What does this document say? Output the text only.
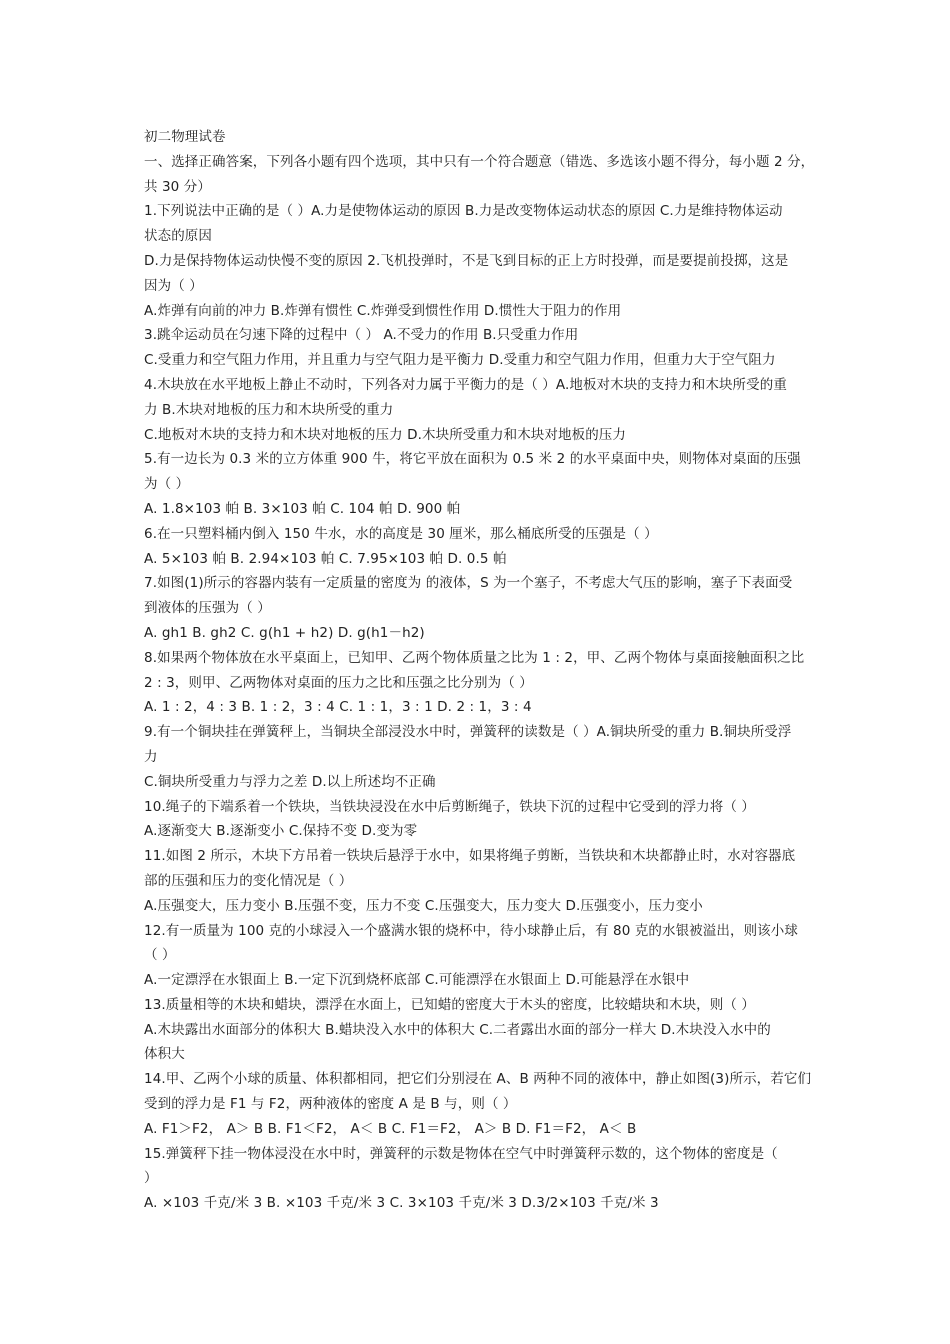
初二物理试卷
一、选择正确答案，下列各小题有四个选项，其中只有一个符合题意（错选、多选该小题不得分，每小题 2 分，
共 30 分）
1.下列说法中正确的是（ ）A.力是使物体运动的原因 B.力是改变物体运动状态的原因 C.力是维持物体运动
状态的原因
D.力是保持物体运动快慢不变的原因 2.飞机投弹时，不是飞到目标的正上方时投弹，而是要提前投掷，这是
因为（ ）
A.炸弹有向前的冲力 B.炸弹有惯性 C.炸弹受到惯性作用 D.惯性大于阻力的作用
3.跳伞运动员在匀速下降的过程中（ ） A.不受力的作用 B.只受重力作用
C.受重力和空气阻力作用，并且重力与空气阻力是平衡力 D.受重力和空气阻力作用，但重力大于空气阻力
4.木块放在水平地板上静止不动时，下列各对力属于平衡力的是（ ）A.地板对木块的支持力和木块所受的重
力 B.木块对地板的压力和木块所受的重力
C.地板对木块的支持力和木块对地板的压力 D.木块所受重力和木块对地板的压力
5.有一边长为 0.3 米的立方体重 900 牛，将它平放在面积为 0.5 米 2 的水平桌面中央，则物体对桌面的压强
为（ ）
A. 1.8×103 帕 B. 3×103 帕 C. 104 帕 D. 900 帕
6.在一只塑料桶内倒入 150 牛水，水的高度是 30 厘米，那么桶底所受的压强是（ ）
A. 5×103 帕 B. 2.94×103 帕 C. 7.95×103 帕 D. 0.5 帕
7.如图(1)所示的容器内装有一定质量的密度为 的液体，S 为一个塞子，不考虑大气压的影响，塞子下表面受
到液体的压强为（ ）
A. gh1 B. gh2 C. g(h1 + h2) D. g(h1－h2)
8.如果两个物体放在水平桌面上，已知甲、乙两个物体质量之比为 1 : 2，甲、乙两个物体与桌面接触面积之比
2 : 3，则甲、乙两物体对桌面的压力之比和压强之比分别为（ ）
A. 1 : 2，4 : 3 B. 1 : 2，3 : 4 C. 1 : 1，3 : 1 D. 2 : 1，3 : 4
9.有一个铜块挂在弹簧秤上，当铜块全部浸没水中时，弹簧秤的读数是（ ）A.铜块所受的重力 B.铜块所受浮
力
C.铜块所受重力与浮力之差 D.以上所述均不正确
10.绳子的下端系着一个铁块，当铁块浸没在水中后剪断绳子，铁块下沉的过程中它受到的浮力将（ ）
A.逐渐变大 B.逐渐变小 C.保持不变 D.变为零
11.如图 2 所示，木块下方吊着一铁块后悬浮于水中，如果将绳子剪断，当铁块和木块都静止时，水对容器底
部的压强和压力的变化情况是（ ）
A.压强变大，压力变小 B.压强不变，压力不变 C.压强变大，压力变大 D.压强变小，压力变小
12.有一质量为 100 克的小球浸入一个盛满水银的烧杯中，待小球静止后，有 80 克的水银被溢出，则该小球
（ ）
A.一定漂浮在水银面上 B.一定下沉到烧杯底部 C.可能漂浮在水银面上 D.可能悬浮在水银中
13.质量相等的木块和蜡块，漂浮在水面上，已知蜡的密度大于木头的密度，比较蜡块和木块，则（ ）
A.木块露出水面部分的体积大 B.蜡块没入水中的体积大 C.二者露出水面的部分一样大 D.木块没入水中的
体积大
14.甲、乙两个小球的质量、体积都相同，把它们分别浸在 A、B 两种不同的液体中，静止如图(3)所示，若它们
受到的浮力是 F1 与 F2，两种液体的密度 A 是 B 与，则（ ）
A. F1＞F2， A＞ B B. F1＜F2， A＜ B C. F1＝F2， A＞ B D. F1＝F2， A＜ B
15.弹簧秤下挂一物体浸没在水中时，弹簧秤的示数是物体在空气中时弹簧秤示数的，这个物体的密度是（
）
A. ×103 千克/米 3 B. ×103 千克/米 3 C. 3×103 千克/米 3 D.3/2×103 千克/米 3
